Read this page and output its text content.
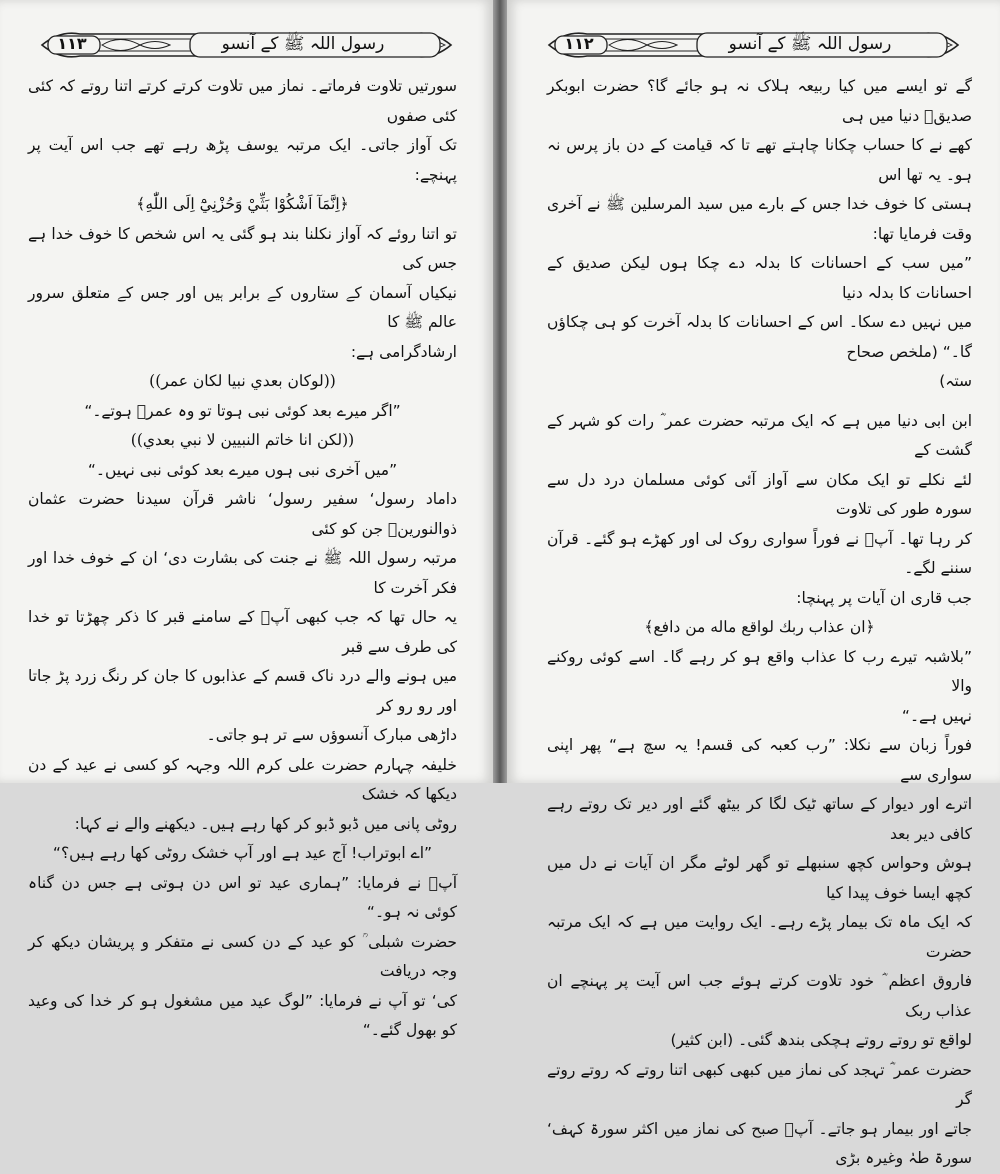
١١٣	رسول اللہ ﷺ کے آنسو

سورتیں تلاوت فرماتے۔ نماز میں تلاوت کرتے کرتے اتنا روتے کہ کئی کئی صفوں

تک آواز جاتی۔ ایک مرتبہ یوسف پڑھ رہے تھے جب اس آیت پر پہنچے:

﴿اِنَّمَآ اَشْكُوْا بَثِّيْ وَحُزْنِيْٓ اِلَى اللّٰهِ﴾

تو اتنا روئے کہ آواز نکلنا بند ہو گئی یہ اس شخص کا خوف خدا ہے جس کی

نیکیاں آسمان کے ستاروں کے برابر ہیں اور جس کے متعلق سرور عالم ﷺ کا

ارشادگرامی ہے:

((لوكان بعدي نبيا لكان عمر))

”اگر میرے بعد کوئی نبی ہوتا تو وہ عمرؓ ہوتے۔“

((لكن انا خاتم النبيين لا نبي بعدي))

”میں آخری نبی ہوں میرے بعد کوئی نبی نہیں۔“

داماد رسول‘ سفیر رسول‘ ناشر قرآن سیدنا حضرت عثمان ذوالنورینؓ جن کو کئی

مرتبہ رسول اللہ ﷺ نے جنت کی بشارت دی‘ ان کے خوف خدا اور فکر آخرت کا

یہ حال تھا کہ جب کبھی آپؓ کے سامنے قبر کا ذکر چھڑتا تو خدا کی طرف سے قبر

میں ہونے والے درد ناک قسم کے عذابوں کا جان کر رنگ زرد پڑ جاتا اور رو رو کر

داڑھی مبارک آنسوؤں سے تر ہو جاتی۔

خلیفہ چہارم حضرت علی کرم اللہ وجہہ کو کسی نے عید کے دن دیکھا کہ خشک

روٹی پانی میں ڈبو ڈبو کر کھا رہے ہیں۔ دیکھنے والے نے کہا:

”اے ابوتراب! آج عید ہے اور آپ خشک روٹی کھا رہے ہیں؟“

آپؓ نے فرمایا: ”ہماری عید تو اس دن ہوتی ہے جس دن گناہ کوئی نہ ہو۔“

حضرت شبلی ؒ کو عید کے دن کسی نے متفکر و پریشان دیکھ کر وجہ دریافت

کی‘ تو آپ نے فرمایا: ”لوگ عید میں مشغول ہو کر خدا کی وعید کو بھول گئے۔“

١١٢	رسول اللہ ﷺ کے آنسو

گے تو ایسے میں کیا ربیعہ ہلاک نہ ہو جائے گا؟ حضرت ابوبکر صدیقؓ دنیا میں ہی

کھے نے کا حساب چکانا چاہتے تھے تا کہ قیامت کے دن باز پرس نہ ہو۔ یہ تھا اس

ہستی کا خوف خدا جس کے بارے میں سید المرسلین ﷺ نے آخری وقت فرمایا تھا:

”میں سب کے احسانات کا بدلہ دے چکا ہوں لیکن صدیق کے احسانات کا بدلہ دنیا

میں نہیں دے سکا۔ اس کے احسانات کا بدلہ آخرت کو ہی چکاؤں گا۔“ (ملخص صحاح

ستہ)

ابن ابی دنیا میں ہے کہ ایک مرتبہ حضرت عمر ؓ رات کو شہر کے گشت کے

لئے نکلے تو ایک مکان سے آواز آئی کوئی مسلمان درد دل سے سورہ طور کی تلاوت

کر رہا تھا۔ آپؓ نے فوراً سواری روک لی اور کھڑے ہو گئے۔ قرآن سننے لگے۔

جب قاری ان آیات پر پہنچا:

﴿ان عذاب ربك لواقع ماله من دافع﴾

”بلاشبہ تیرے رب کا عذاب واقع ہو کر رہے گا۔ اسے کوئی روکنے والا

نہیں ہے۔“

فوراً زبان سے نکلا: ”رب کعبہ کی قسم! یہ سچ ہے“ پھر اپنی سواری سے

اترے اور دیوار کے ساتھ ٹیک لگا کر بیٹھ گئے اور دیر تک روتے رہے کافی دیر بعد

ہوش وحواس کچھ سنبھلے تو گھر لوٹے مگر ان آیات نے دل میں کچھ ایسا خوف پیدا کیا

کہ ایک ماہ تک بیمار پڑے رہے۔ ایک روایت میں ہے کہ ایک مرتبہ حضرت

فاروق اعظم ؓ خود تلاوت کرتے ہوئے جب اس آیت پر پہنچے ان عذاب ربک

لواقع تو روتے روتے ہچکی بندھ گئی۔ (ابن کثیر)

حضرت عمر ؓ تہجد کی نماز میں کبھی کبھی اتنا روتے کہ روتے روتے گر

جاتے اور بیمار ہو جاتے۔ آپؓ صبح کی نماز میں اکثر سورۃ کہف‘ سورۃ طہٰ وغیرہ بڑی
